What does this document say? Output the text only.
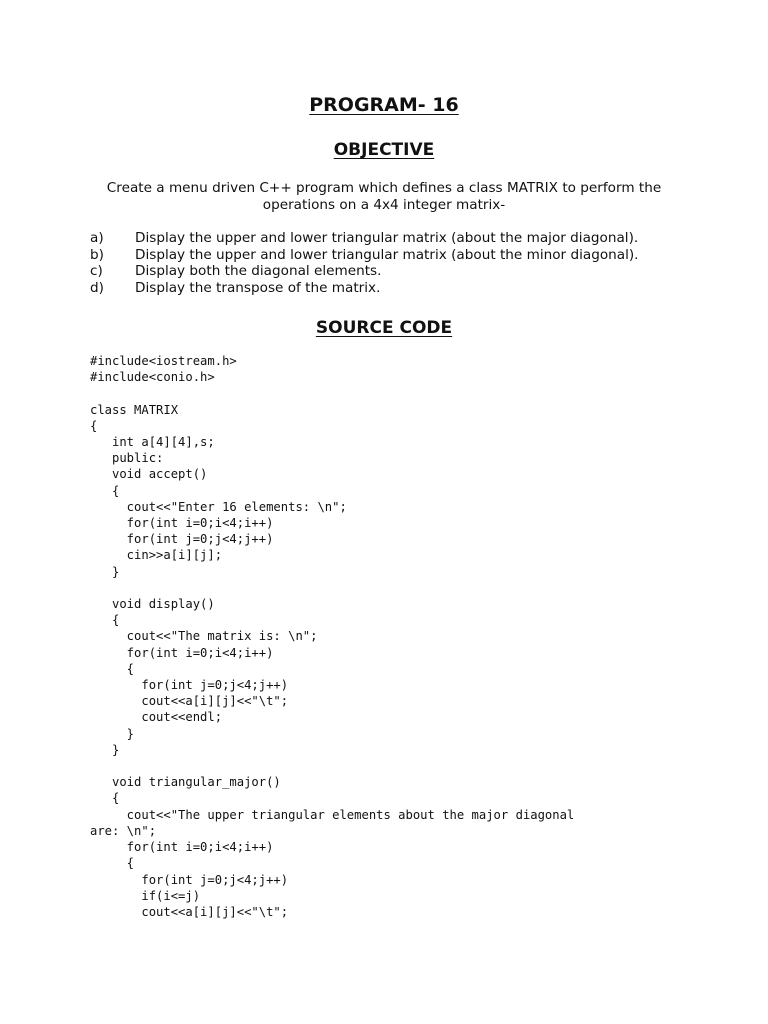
PROGRAM- 16
OBJECTIVE
Create a menu driven C++ program which defines a class MATRIX to perform the
operations on a 4x4 integer matrix-
a)	Display the upper and lower triangular matrix (about the major diagonal).
b)	Display the upper and lower triangular matrix (about the minor diagonal).
c)	Display both the diagonal elements.
d)	Display the transpose of the matrix.
SOURCE CODE
#include<iostream.h>
#include<conio.h>

class MATRIX
{
int a[4][4],s;
public:
void accept()
{
cout<<"Enter 16 elements: \n";
for(int i=0;i<4;i++)
for(int j=0;j<4;j++)
cin>>a[i][j];
}

void display()
{
cout<<"The matrix is: \n";
for(int i=0;i<4;i++)
{
for(int j=0;j<4;j++)
cout<<a[i][j]<<"\t";
cout<<endl;
}
}

void triangular_major()
{
cout<<"The upper triangular elements about the major diagonal
are: \n";
for(int i=0;i<4;i++)
{
for(int j=0;j<4;j++)
if(i<=j)
cout<<a[i][j]<<"\t";
